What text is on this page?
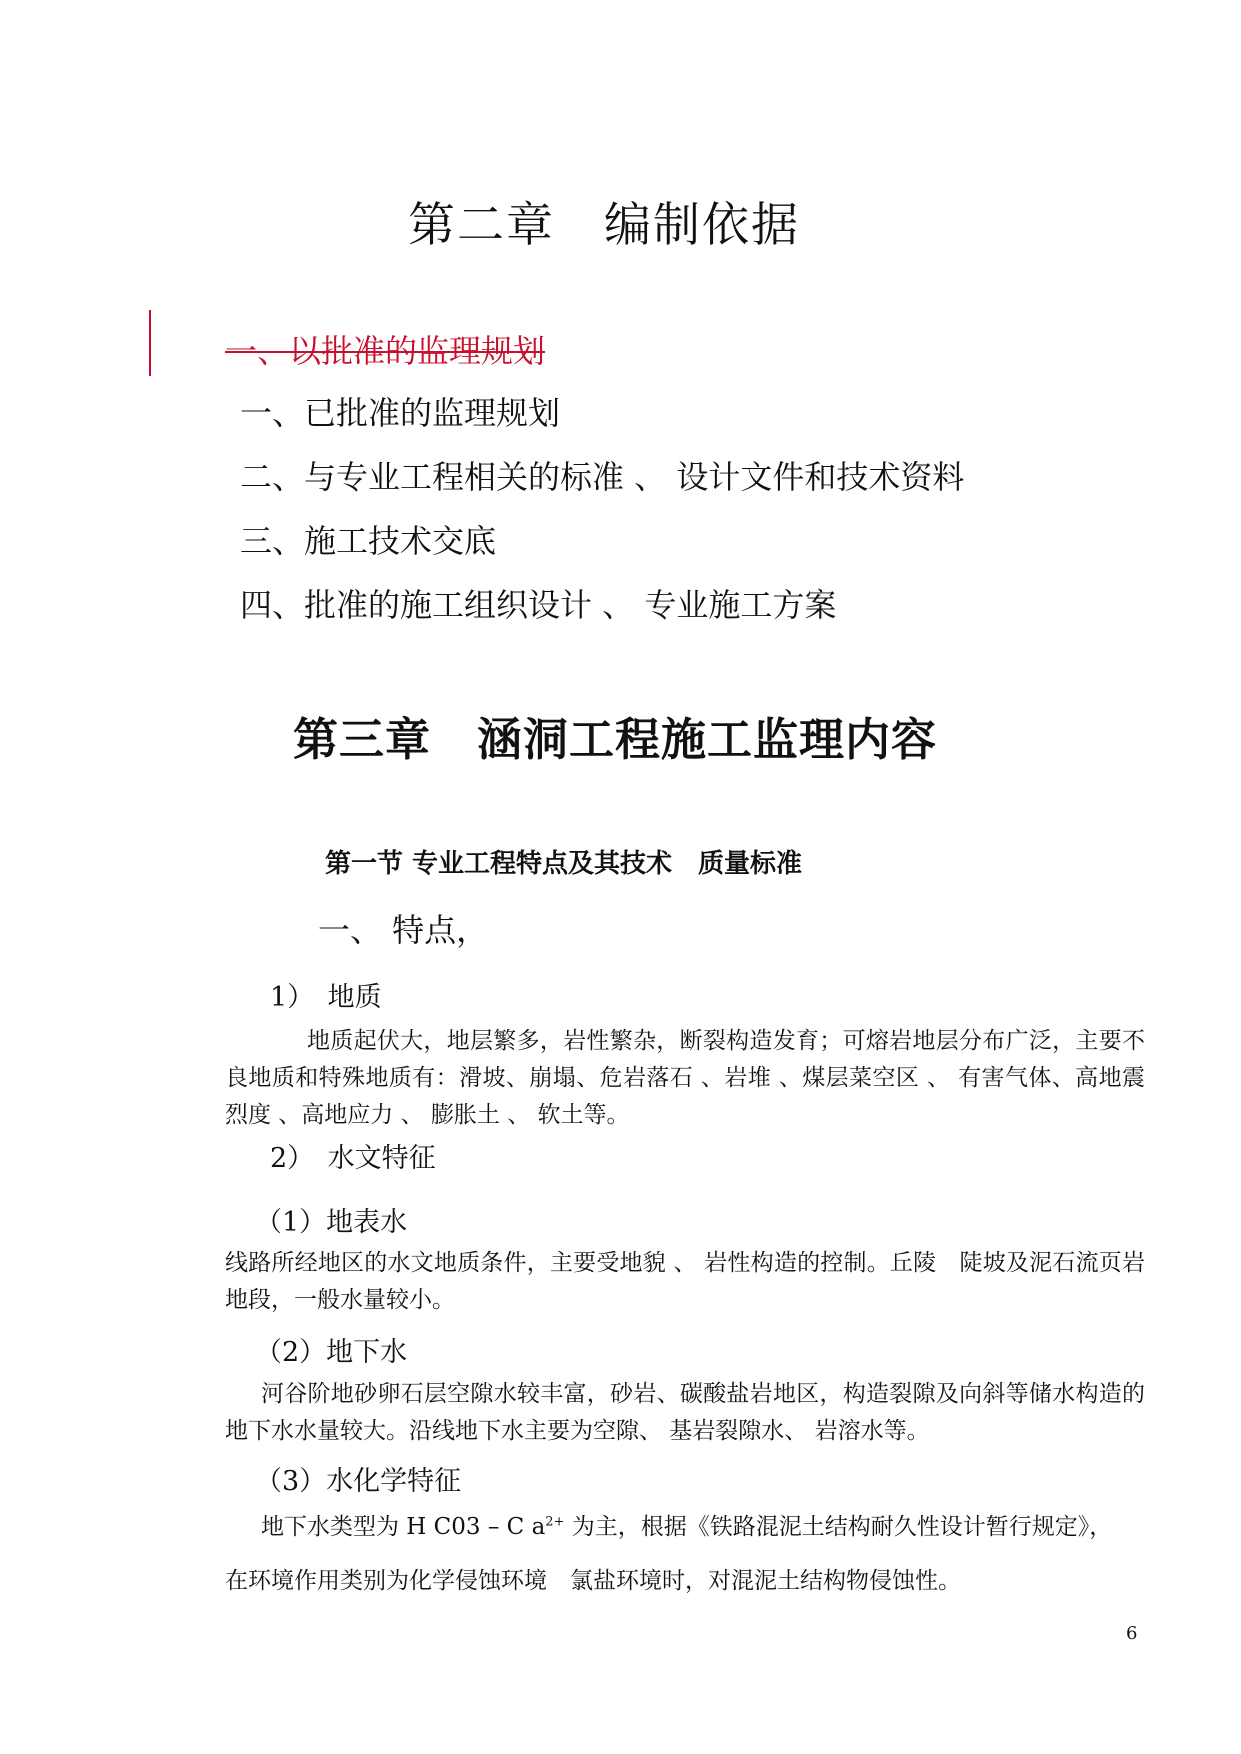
第二章　编制依据
一、以批准的监理规划
一、已批准的监理规划
二、与专业工程相关的标准 、 设计文件和技术资料
三、施工技术交底
四、批准的施工组织设计 、 专业施工方案
第三章　涵洞工程施工监理内容
第一节 专业工程特点及其技术　质量标准
一、 特点，
1）　地质
地质起伏大，地层繁多，岩性繁杂，断裂构造发育；可熔岩地层分布广泛，主要不良地质和特殊地质有：滑坡、崩塌、危岩落石 、岩堆 、煤层菜空区 、 有害气体、高地震烈度 、高地应力 、 膨胀土 、 软土等。
2）　水文特征
（1）地表水
线路所经地区的水文地质条件，主要受地貌 、 岩性构造的控制。丘陵　陡坡及泥石流页岩地段，一般水量较小。
（2）地下水
河谷阶地砂卵石层空隙水较丰富，砂岩、碳酸盐岩地区，构造裂隙及向斜等储水构造的地下水水量较大。沿线地下水主要为空隙、 基岩裂隙水、 岩溶水等。
（3）水化学特征
地下水类型为 H C03 – C $a^{2+}$ 为主，根据《铁路混泥土结构耐久性设计暂行规定》，
在环境作用类别为化学侵蚀环境　氯盐环境时，对混泥土结构物侵蚀性。
6
